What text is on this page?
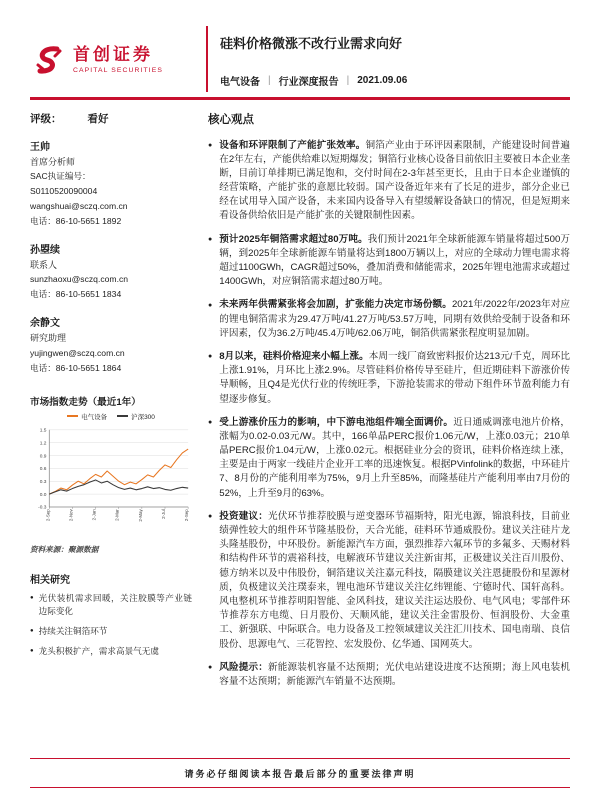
首创证券
CAPITAL SECURITIES
硅料价格微涨不改行业需求向好
电气设备 | 行业深度报告 | 2021.09.06
评级： 看好
王帅
首席分析师
SAC执证编号：
S0110520090004
wangshuai@sczq.com.cn
电话：86-10-5651 1892
孙曌续
联系人
sunzhaoxu@sczq.com.cn
电话：86-10-5651 1834
余静文
研究助理
yujingwen@sczq.com.cn
电话：86-10-5651 1864
市场指数走势（最近1年）
电气设备	沪深300
1.5
1.2
0.9
0.6
0.3
0.0
-0.3
2-Sep	2-Nov	2-Jan	2-Mar	2-May	2-Jul	2-Sep
资料来源：聚源数据
相关研究
● 光伏装机需求回暖，关注胶膜等产业链边际变化
● 持续关注铜箔环节
● 龙头积极扩产，需求高景气无虞
核心观点
● 设备和环评限制了产能扩张效率。铜箔产业由于环评因素限制，产能建设时间普遍在2年左右，产能供给难以短期爆发；铜箔行业核心设备目前依旧主要被日本企业垄断，目前订单排期已满足饱和，交付时间在2-3年甚至更长，且由于日本企业谨慎的经营策略，产能扩张的意愿比较弱。国产设备近年来有了长足的进步，部分企业已经在试用导入国产设备，未来国内设备导入有望缓解设备缺口的情况，但是短期来看设备供给依旧是产能扩张的关键限制性因素。

● 预计2025年铜箔需求超过80万吨。我们预计2021年全球新能源车销量将超过500万辆，到2025年全球新能源车销量将达到1800万辆以上，对应的全球动力锂电需求将超过1100GWh，CAGR超过50%，叠加消费和储能需求，2025年锂电池需求或超过1400GWh，对应铜箔需求超过80万吨。

● 未来两年供需紧张将会加剧，扩张能力决定市场份额。2021年/2022年/2023年对应的锂电铜箔需求为29.47万吨/41.27万吨/53.57万吨，同期有效供给受制于设备和环评因素，仅为36.2万吨/45.4万吨/62.06万吨，铜箔供需紧张程度明显加剧。

● 8月以来，硅料价格迎来小幅上涨。本周一线厂商致密料报价达213元/千克，周环比上涨1.91%，月环比上涨2.9%。尽管硅料价格传导至硅片，但近期硅料下游涨价传导顺畅，且Q4是光伏行业的传统旺季，下游抢装需求的带动下组件环节盈利能力有望逐步修复。

● 受上游涨价压力的影响，中下游电池组件端全面调价。近日通威调涨电池片价格，涨幅为0.02-0.03元/W。其中，166单晶PERC报价1.06元/W，上涨0.03元；210单晶PERC报价1.04元/W，上涨0.02元。根据硅业分会的资讯，硅料价格连续上涨，主要是由于两家一线硅片企业开工率的迅速恢复。根据PVinfolink的数据，中环硅片7、8月份的产能利用率为75%，9月上升至85%，而隆基硅片产能利用率由7月份的52%，上升至9月的63%。

● 投资建议：光伏环节推荐胶膜与逆变器环节福斯特，阳光电源，锦浪科技，目前业绩弹性较大的组件环节隆基股份，天合光能，硅料环节通威股份。建议关注硅片龙头隆基股份，中环股份。新能源汽车方面，强烈推荐六氟环节的多氟多、天赐材料和结构件环节的震裕科技，电解液环节建议关注新宙邦，正极建议关注百川股份、德方纳米以及中伟股份，铜箔建议关注嘉元科技，隔膜建议关注恩捷股份和星源材质，负极建议关注璞泰来，锂电池环节建议关注亿纬锂能、宁德时代、国轩高科。风电整机环节推荐明阳智能、金风科技，建议关注运达股份、电气风电；零部件环节推荐东方电缆、日月股份、天顺风能，建议关注金雷股份、恒润股份、大金重工、新强联、中际联合。电力设备及工控领域建议关注汇川技术、国电南瑞、良信股份、思源电气、三花智控、宏发股份、亿华通、国网英大。

● 风险提示：新能源装机容量不达预期；光伏电站建设进度不达预期；海上风电装机容量不达预期；新能源汽车销量不达预期。

请务必仔细阅读本报告最后部分的重要法律声明
